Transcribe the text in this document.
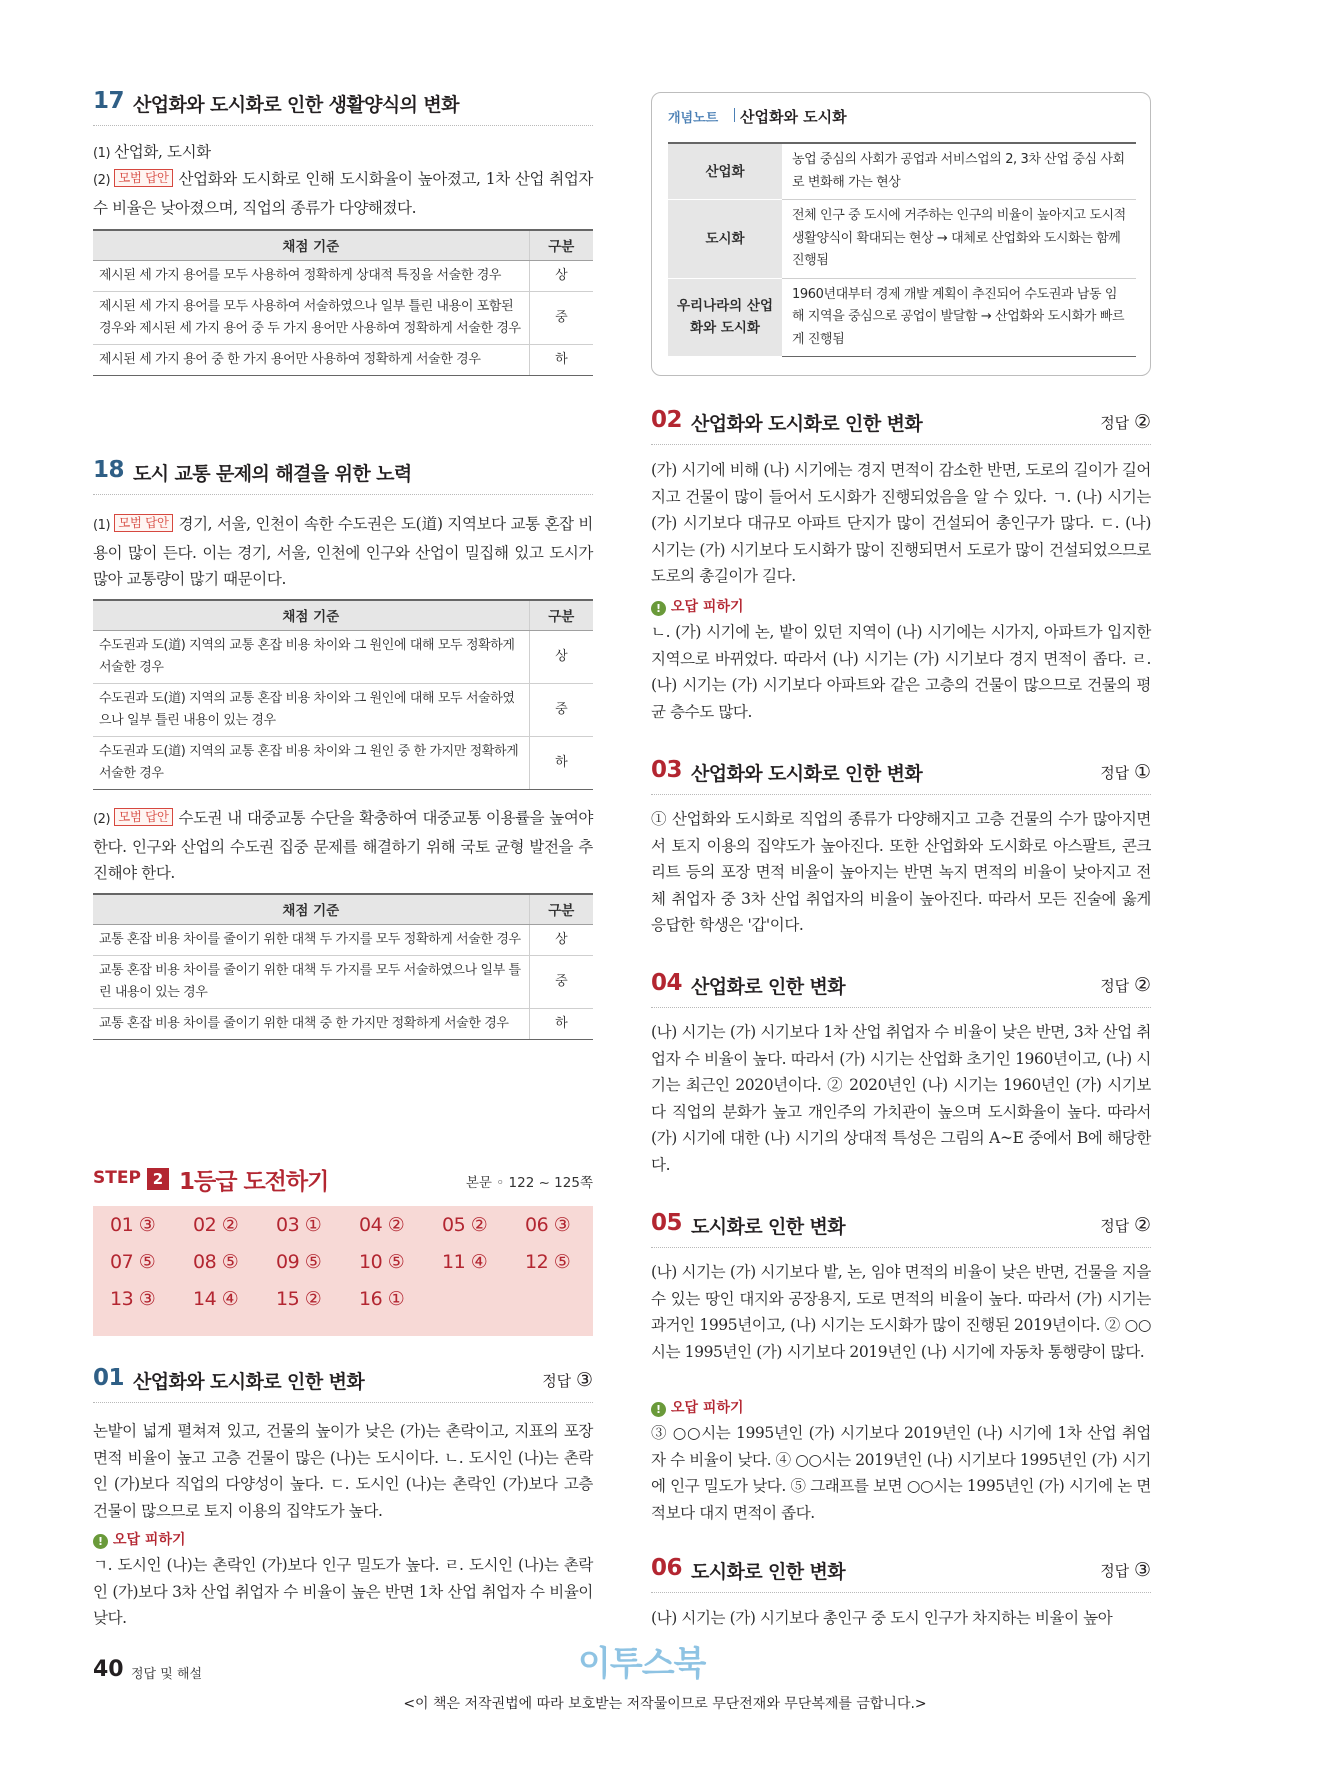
17 산업화와 도시화로 인한 생활양식의 변화
(1) 산업화, 도시화
(2) 모범 답안 산업화와 도시화로 인해 도시화율이 높아졌고, 1차 산업 취업자 수 비율은 낮아졌으며, 직업의 종류가 다양해졌다.
채점 기준	구분
제시된 세 가지 용어를 모두 사용하여 정확하게 상대적 특징을 서술한 경우	상
제시된 세 가지 용어를 모두 사용하여 서술하였으나 일부 틀린 내용이 포함된 경우와 제시된 세 가지 용어 중 두 가지 용어만 사용하여 정확하게 서술한 경우	중
제시된 세 가지 용어 중 한 가지 용어만 사용하여 정확하게 서술한 경우	하
18 도시 교통 문제의 해결을 위한 노력
(1) 모범 답안 경기, 서울, 인천이 속한 수도권은 도(道) 지역보다 교통 혼잡 비용이 많이 든다. 이는 경기, 서울, 인천에 인구와 산업이 밀집해 있고 도시가 많아 교통량이 많기 때문이다.
채점 기준	구분
수도권과 도(道) 지역의 교통 혼잡 비용 차이와 그 원인에 대해 모두 정확하게 서술한 경우	상
수도권과 도(道) 지역의 교통 혼잡 비용 차이와 그 원인에 대해 모두 서술하였으나 일부 틀린 내용이 있는 경우	중
수도권과 도(道) 지역의 교통 혼잡 비용 차이와 그 원인 중 한 가지만 정확하게 서술한 경우	하
(2) 모범 답안 수도권 내 대중교통 수단을 확충하여 대중교통 이용률을 높여야 한다. 인구와 산업의 수도권 집중 문제를 해결하기 위해 국토 균형 발전을 추진해야 한다.
채점 기준	구분
교통 혼잡 비용 차이를 줄이기 위한 대책 두 가지를 모두 정확하게 서술한 경우	상
교통 혼잡 비용 차이를 줄이기 위한 대책 두 가지를 모두 서술하였으나 일부 틀린 내용이 있는 경우	중
교통 혼잡 비용 차이를 줄이기 위한 대책 중 한 가지만 정확하게 서술한 경우	하
STEP 2 1등급 도전하기	본문 ◦ 122 ~ 125쪽
01 ③ 02 ② 03 ① 04 ② 05 ② 06 ③
07 ⑤ 08 ⑤ 09 ⑤ 10 ⑤ 11 ④ 12 ⑤
13 ③ 14 ④ 15 ② 16 ①
01 산업화와 도시화로 인한 변화	정답 ③
논밭이 넓게 펼쳐져 있고, 건물의 높이가 낮은 (가)는 촌락이고, 지표의 포장 면적 비율이 높고 고층 건물이 많은 (나)는 도시이다. ㄴ. 도시인 (나)는 촌락인 (가)보다 직업의 다양성이 높다. ㄷ. 도시인 (나)는 촌락인 (가)보다 고층 건물이 많으므로 토지 이용의 집약도가 높다.
! 오답 피하기
ㄱ. 도시인 (나)는 촌락인 (가)보다 인구 밀도가 높다. ㄹ. 도시인 (나)는 촌락인 (가)보다 3차 산업 취업자 수 비율이 높은 반면 1차 산업 취업자 수 비율이 낮다.
개념노트 산업화와 도시화
산업화	농업 중심의 사회가 공업과 서비스업의 2, 3차 산업 중심 사회로 변화해 가는 현상
도시화	전체 인구 중 도시에 거주하는 인구의 비율이 높아지고 도시적 생활양식이 확대되는 현상 → 대체로 산업화와 도시화는 함께 진행됨
우리나라의 산업화와 도시화	1960년대부터 경제 개발 계획이 추진되어 수도권과 남동 임해 지역을 중심으로 공업이 발달함 → 산업화와 도시화가 빠르게 진행됨
02 산업화와 도시화로 인한 변화	정답 ②
(가) 시기에 비해 (나) 시기에는 경지 면적이 감소한 반면, 도로의 길이가 길어지고 건물이 많이 들어서 도시화가 진행되었음을 알 수 있다. ㄱ. (나) 시기는 (가) 시기보다 대규모 아파트 단지가 많이 건설되어 총인구가 많다. ㄷ. (나) 시기는 (가) 시기보다 도시화가 많이 진행되면서 도로가 많이 건설되었으므로 도로의 총길이가 길다.
! 오답 피하기
ㄴ. (가) 시기에 논, 밭이 있던 지역이 (나) 시기에는 시가지, 아파트가 입지한 지역으로 바뀌었다. 따라서 (나) 시기는 (가) 시기보다 경지 면적이 좁다. ㄹ. (나) 시기는 (가) 시기보다 아파트와 같은 고층의 건물이 많으므로 건물의 평균 층수도 많다.
03 산업화와 도시화로 인한 변화	정답 ①
① 산업화와 도시화로 직업의 종류가 다양해지고 고층 건물의 수가 많아지면서 토지 이용의 집약도가 높아진다. 또한 산업화와 도시화로 아스팔트, 콘크리트 등의 포장 면적 비율이 높아지는 반면 녹지 면적의 비율이 낮아지고 전체 취업자 중 3차 산업 취업자의 비율이 높아진다. 따라서 모든 진술에 옳게 응답한 학생은 '갑'이다.
04 산업화로 인한 변화	정답 ②
(나) 시기는 (가) 시기보다 1차 산업 취업자 수 비율이 낮은 반면, 3차 산업 취업자 수 비율이 높다. 따라서 (가) 시기는 산업화 초기인 1960년이고, (나) 시기는 최근인 2020년이다. ② 2020년인 (나) 시기는 1960년인 (가) 시기보다 직업의 분화가 높고 개인주의 가치관이 높으며 도시화율이 높다. 따라서 (가) 시기에 대한 (나) 시기의 상대적 특성은 그림의 A~E 중에서 B에 해당한다.
05 도시화로 인한 변화	정답 ②
(나) 시기는 (가) 시기보다 밭, 논, 임야 면적의 비율이 낮은 반면, 건물을 지을 수 있는 땅인 대지와 공장용지, 도로 면적의 비율이 높다. 따라서 (가) 시기는 과거인 1995년이고, (나) 시기는 도시화가 많이 진행된 2019년이다. ② ○○시는 1995년인 (가) 시기보다 2019년인 (나) 시기에 자동차 통행량이 많다.
! 오답 피하기
③ ○○시는 1995년인 (가) 시기보다 2019년인 (나) 시기에 1차 산업 취업자 수 비율이 낮다. ④ ○○시는 2019년인 (나) 시기보다 1995년인 (가) 시기에 인구 밀도가 낮다. ⑤ 그래프를 보면 ○○시는 1995년인 (가) 시기에 논 면적보다 대지 면적이 좁다.
06 도시화로 인한 변화	정답 ③
(나) 시기는 (가) 시기보다 총인구 중 도시 인구가 차지하는 비율이 높아
40 정답 및 해설	이투스북
<이 책은 저작권법에 따라 보호받는 저작물이므로 무단전재와 무단복제를 금합니다.>
